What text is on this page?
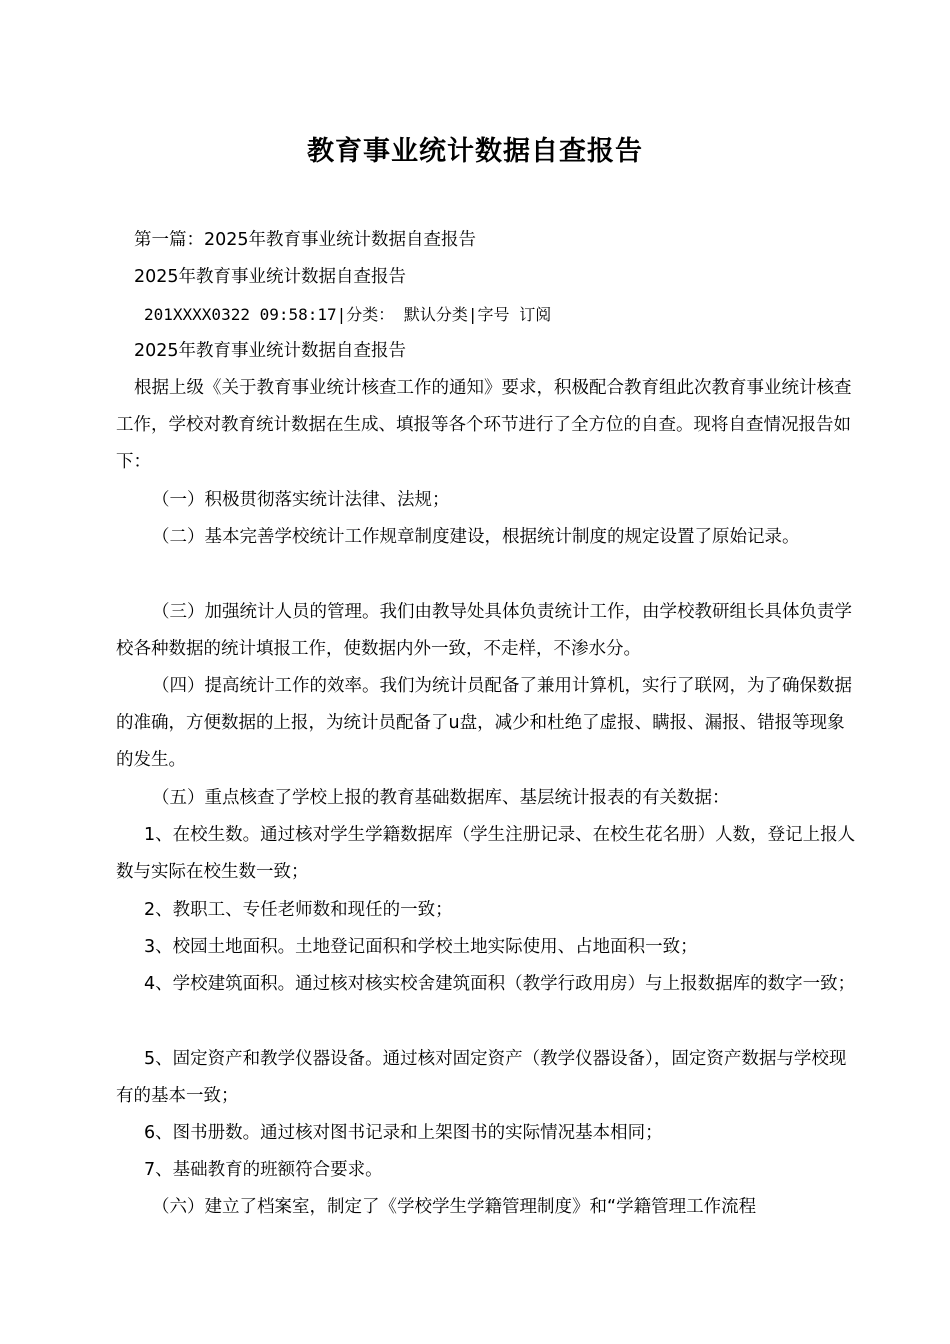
教育事业统计数据自查报告
第一篇：2025年教育事业统计数据自查报告
2025年教育事业统计数据自查报告
201XXXX0322 09:58:17|分类： 默认分类|字号 订阅
2025年教育事业统计数据自查报告
根据上级《关于教育事业统计核查工作的通知》要求，积极配合教育组此次教育事业统计核查工作，学校对教育统计数据在生成、填报等各个环节进行了全方位的自查。现将自查情况报告如下：
（一）积极贯彻落实统计法律、法规；
（二）基本完善学校统计工作规章制度建设，根据统计制度的规定设置了原始记录。
（三）加强统计人员的管理。我们由教导处具体负责统计工作，由学校教研组长具体负责学校各种数据的统计填报工作，使数据内外一致，不走样，不渗水分。
（四）提高统计工作的效率。我们为统计员配备了兼用计算机，实行了联网，为了确保数据的准确，方便数据的上报，为统计员配备了u盘，减少和杜绝了虚报、瞒报、漏报、错报等现象的发生。
（五）重点核查了学校上报的教育基础数据库、基层统计报表的有关数据：
1、在校生数。通过核对学生学籍数据库（学生注册记录、在校生花名册）人数，登记上报人数与实际在校生数一致；
2、教职工、专任老师数和现任的一致；
3、校园土地面积。土地登记面积和学校土地实际使用、占地面积一致；
4、学校建筑面积。通过核对核实校舍建筑面积（教学行政用房）与上报数据库的数字一致；
5、固定资产和教学仪器设备。通过核对固定资产（教学仪器设备），固定资产数据与学校现有的基本一致；
6、图书册数。通过核对图书记录和上架图书的实际情况基本相同；
7、基础教育的班额符合要求。
（六）建立了档案室，制定了《学校学生学籍管理制度》和“学籍管理工作流程
